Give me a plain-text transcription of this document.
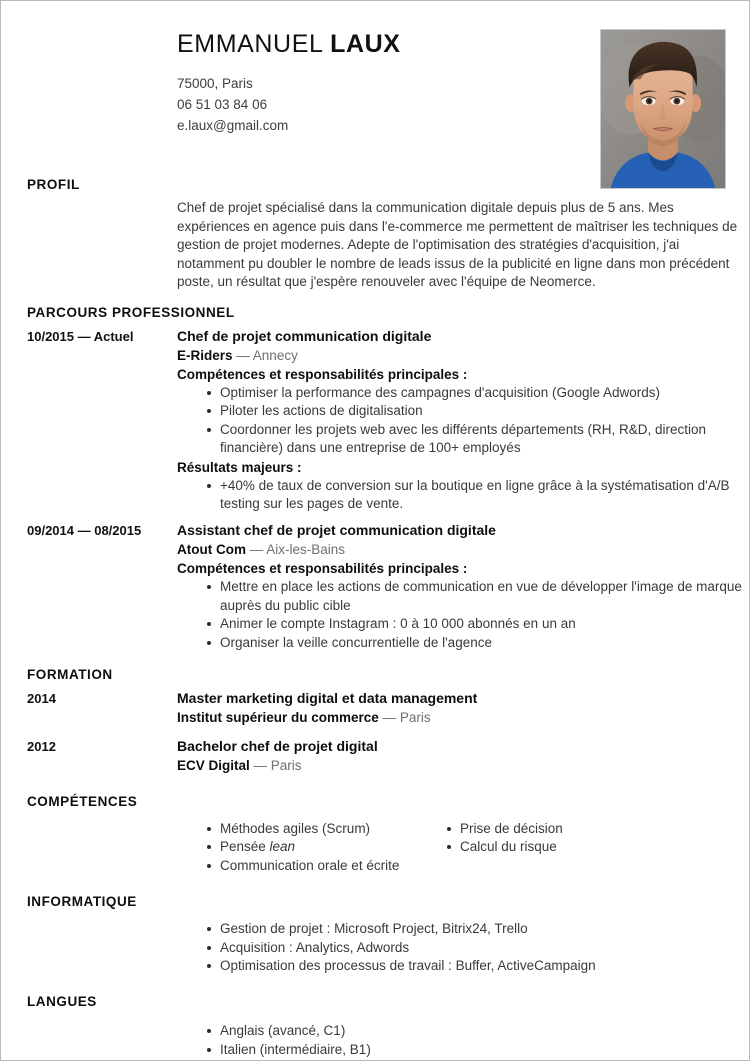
EMMANUEL LAUX
75000, Paris
06 51 03 84 06
e.laux@gmail.com
PROFIL
Chef de projet spécialisé dans la communication digitale depuis plus de 5 ans. Mes expériences en agence puis dans l'e-commerce me permettent de maîtriser les techniques de gestion de projet modernes. Adepte de l'optimisation des stratégies d'acquisition, j'ai notamment pu doubler le nombre de leads issus de la publicité en ligne dans mon précédent poste, un résultat que j'espère renouveler avec l'équipe de Neomerce.
PARCOURS PROFESSIONNEL
10/2015 — Actuel	Chef de projet communication digitale
E-Riders — Annecy
Compétences et responsabilités principales :
Optimiser la performance des campagnes d'acquisition (Google Adwords)
Piloter les actions de digitalisation
Coordonner les projets web avec les différents départements (RH, R&D, direction financière) dans une entreprise de 100+ employés
Résultats majeurs :
+40% de taux de conversion sur la boutique en ligne grâce à la systématisation d'A/B testing sur les pages de vente.
09/2014 — 08/2015	Assistant chef de projet communication digitale
Atout Com — Aix-les-Bains
Compétences et responsabilités principales :
Mettre en place les actions de communication en vue de développer l'image de marque auprès du public cible
Animer le compte Instagram : 0 à 10 000 abonnés en un an
Organiser la veille concurrentielle de l'agence
FORMATION
2014	Master marketing digital et data management
Institut supérieur du commerce — Paris
2012	Bachelor chef de projet digital
ECV Digital — Paris
COMPÉTENCES
Méthodes agiles (Scrum)
Pensée lean
Communication orale et écrite
Prise de décision
Calcul du risque
INFORMATIQUE
Gestion de projet : Microsoft Project, Bitrix24, Trello
Acquisition : Analytics, Adwords
Optimisation des processus de travail : Buffer, ActiveCampaign
LANGUES
Anglais (avancé, C1)
Italien (intermédiaire, B1)
